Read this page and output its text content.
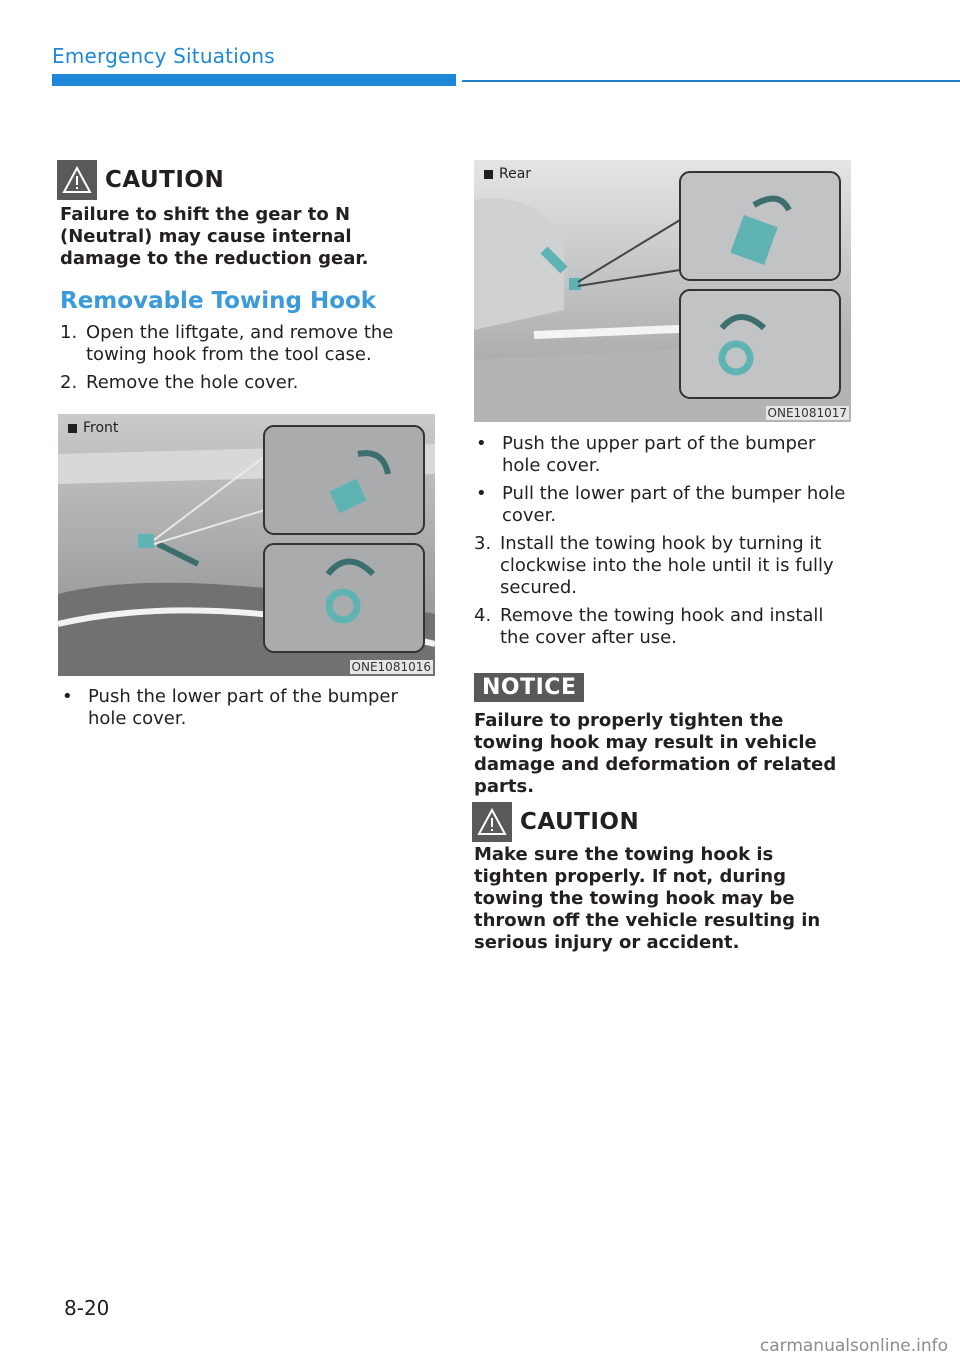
Emergency Situations
CAUTION
Failure to shift the gear to N (Neutral) may cause internal damage to the reduction gear.
Removable Towing Hook
1. Open the liftgate, and remove the towing hook from the tool case.
2. Remove the hole cover.
Front
ONE1081016
• Push the lower part of the bumper hole cover.
Rear
ONE1081017
• Push the upper part of the bumper hole cover.
• Pull the lower part of the bumper hole cover.
3. Install the towing hook by turning it clockwise into the hole until it is fully secured.
4. Remove the towing hook and install the cover after use.
NOTICE
Failure to properly tighten the towing hook may result in vehicle damage and deformation of related parts.
CAUTION
Make sure the towing hook is tighten properly. If not, during towing the towing hook may be thrown off the vehicle resulting in serious injury or accident.
8-20
carmanualsonline.info
